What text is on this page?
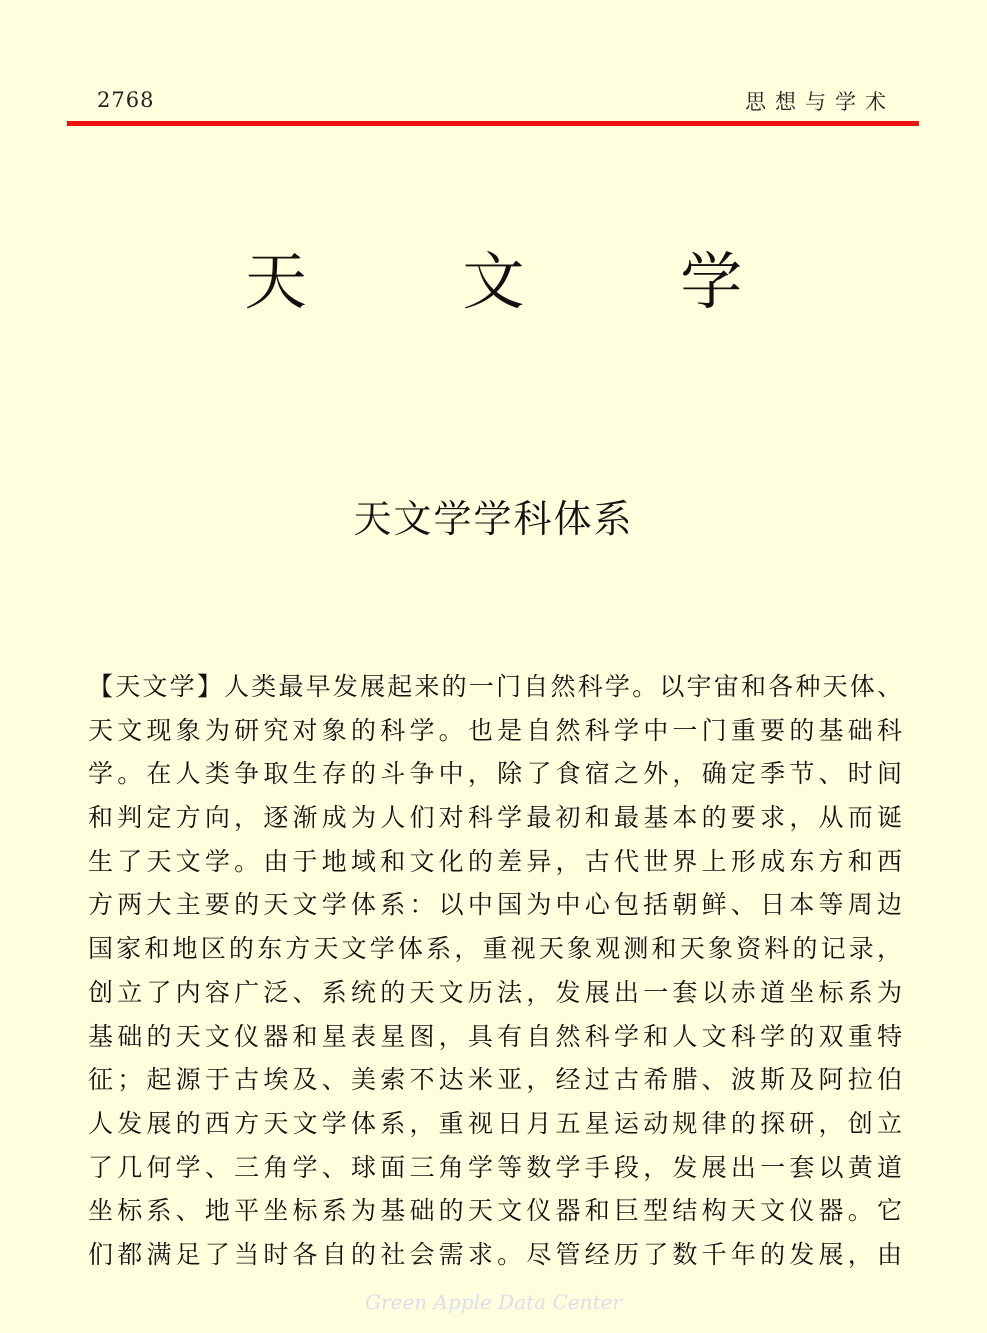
2768	思想与学术
天 文 学
天文学学科体系
【天文学】人类最早发展起来的一门自然科学。以宇宙和各种天体、
天文现象为研究对象的科学。也是自然科学中一门重要的基础科
学。在人类争取生存的斗争中，除了食宿之外，确定季节、时间
和判定方向，逐渐成为人们对科学最初和最基本的要求，从而诞
生了天文学。由于地域和文化的差异，古代世界上形成东方和西
方两大主要的天文学体系：以中国为中心包括朝鲜、日本等周边
国家和地区的东方天文学体系，重视天象观测和天象资料的记录，
创立了内容广泛、系统的天文历法，发展出一套以赤道坐标系为
基础的天文仪器和星表星图，具有自然科学和人文科学的双重特
征；起源于古埃及、美索不达米亚，经过古希腊、波斯及阿拉伯
人发展的西方天文学体系，重视日月五星运动规律的探研，创立
了几何学、三角学、球面三角学等数学手段，发展出一套以黄道
坐标系、地平坐标系为基础的天文仪器和巨型结构天文仪器。它
们都满足了当时各自的社会需求。尽管经历了数千年的发展，由
Green Apple Data Center
